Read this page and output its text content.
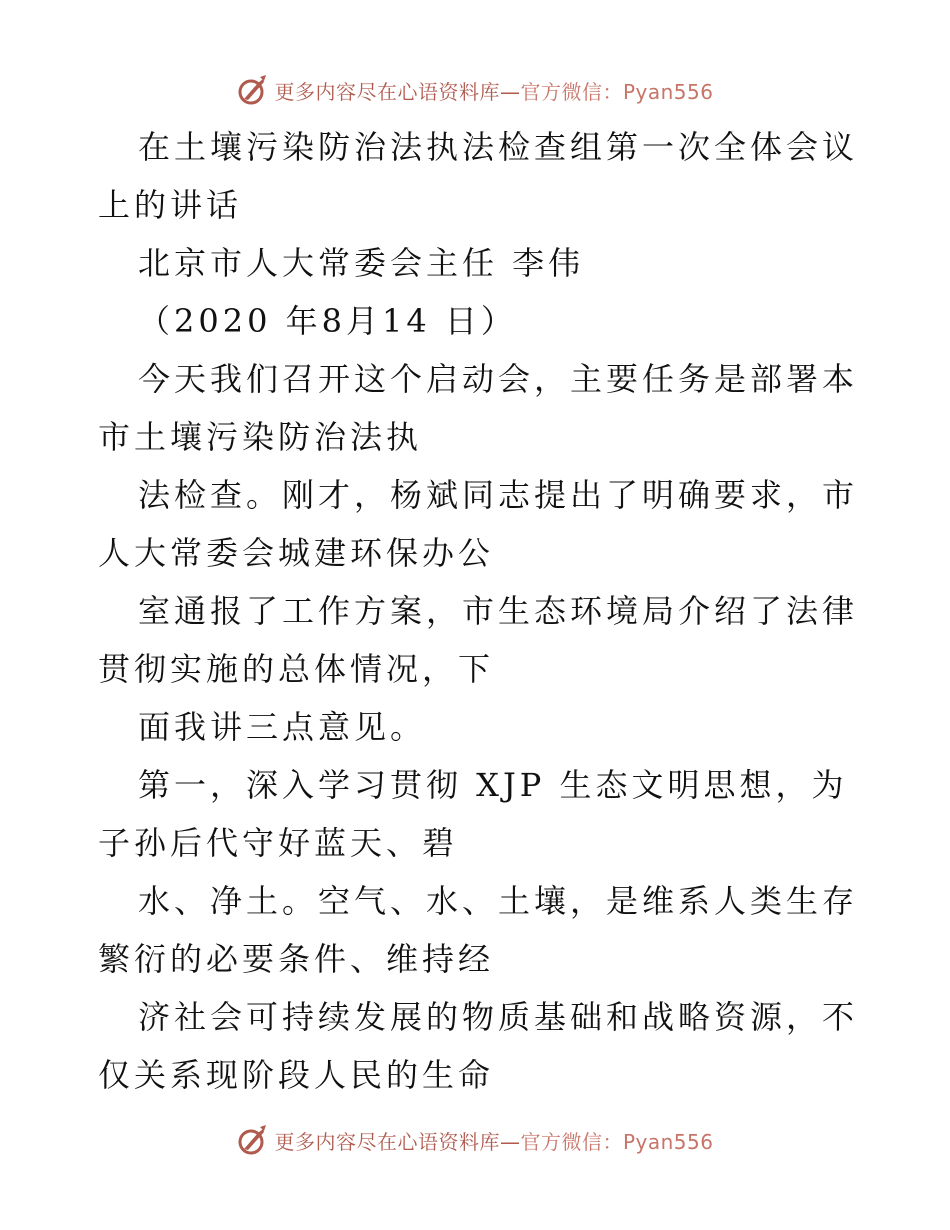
更多内容尽在心语资料库—官方微信：Pyan556

在土壤污染防治法执法检查组第一次全体会议上的讲话

北京市人大常委会主任 李伟

（2020 年8月14 日）

今天我们召开这个启动会，主要任务是部署本市土壤污染防治法执

法检查。刚才，杨斌同志提出了明确要求，市人大常委会城建环保办公

室通报了工作方案，市生态环境局介绍了法律贯彻实施的总体情况，下

面我讲三点意见。

第一，深入学习贯彻 XJP 生态文明思想，为子孙后代守好蓝天、碧

水、净土。空气、水、土壤，是维系人类生存繁衍的必要条件、维持经

济社会可持续发展的物质基础和战略资源，不仅关系现阶段人民的生命

更多内容尽在心语资料库—官方微信：Pyan556
